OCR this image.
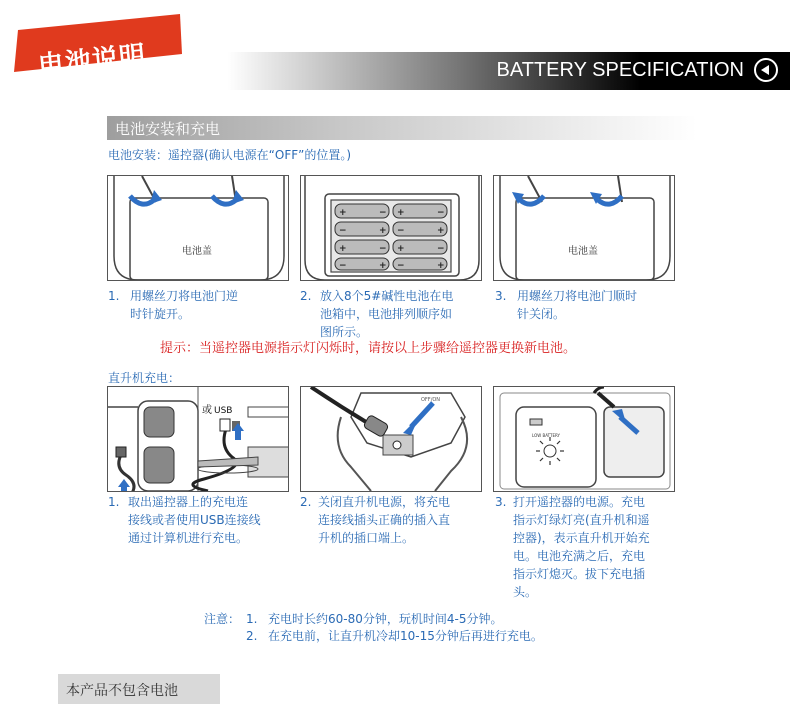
BATTERY SPECIFICATION
电池说明
电池安装和充电
电池安装：遥控器(确认电源在“OFF”的位置。)
电池盖
+	− +	−
−	+ −	+
+	− +	−
−	+ −	+
电池盖
1. 用螺丝刀将电池门逆
时针旋开。
2. 放入8个5#碱性电池在电
池箱中，电池排列顺序如
图所示。
3. 用螺丝刀将电池门顺时
针关闭。
提示：当遥控器电源指示灯闪烁时，请按以上步骤给遥控器更换新电池。
直升机充电：
或 USB
OFF/ON
LOW BATTERY
1. 取出遥控器上的充电连
接线或者使用USB连接线
通过计算机进行充电。
2. 关闭直升机电源，将充电
连接线插头正确的插入直
升机的插口端上。
3. 打开遥控器的电源。充电
指示灯绿灯亮(直升机和遥
控器)，表示直升机开始充
电。电池充满之后，充电
指示灯熄灭。拔下充电插
头。
注意： 1. 充电时长约60-80分钟，玩机时间4-5分钟。
2. 在充电前，让直升机冷却10-15分钟后再进行充电。
本产品不包含电池
